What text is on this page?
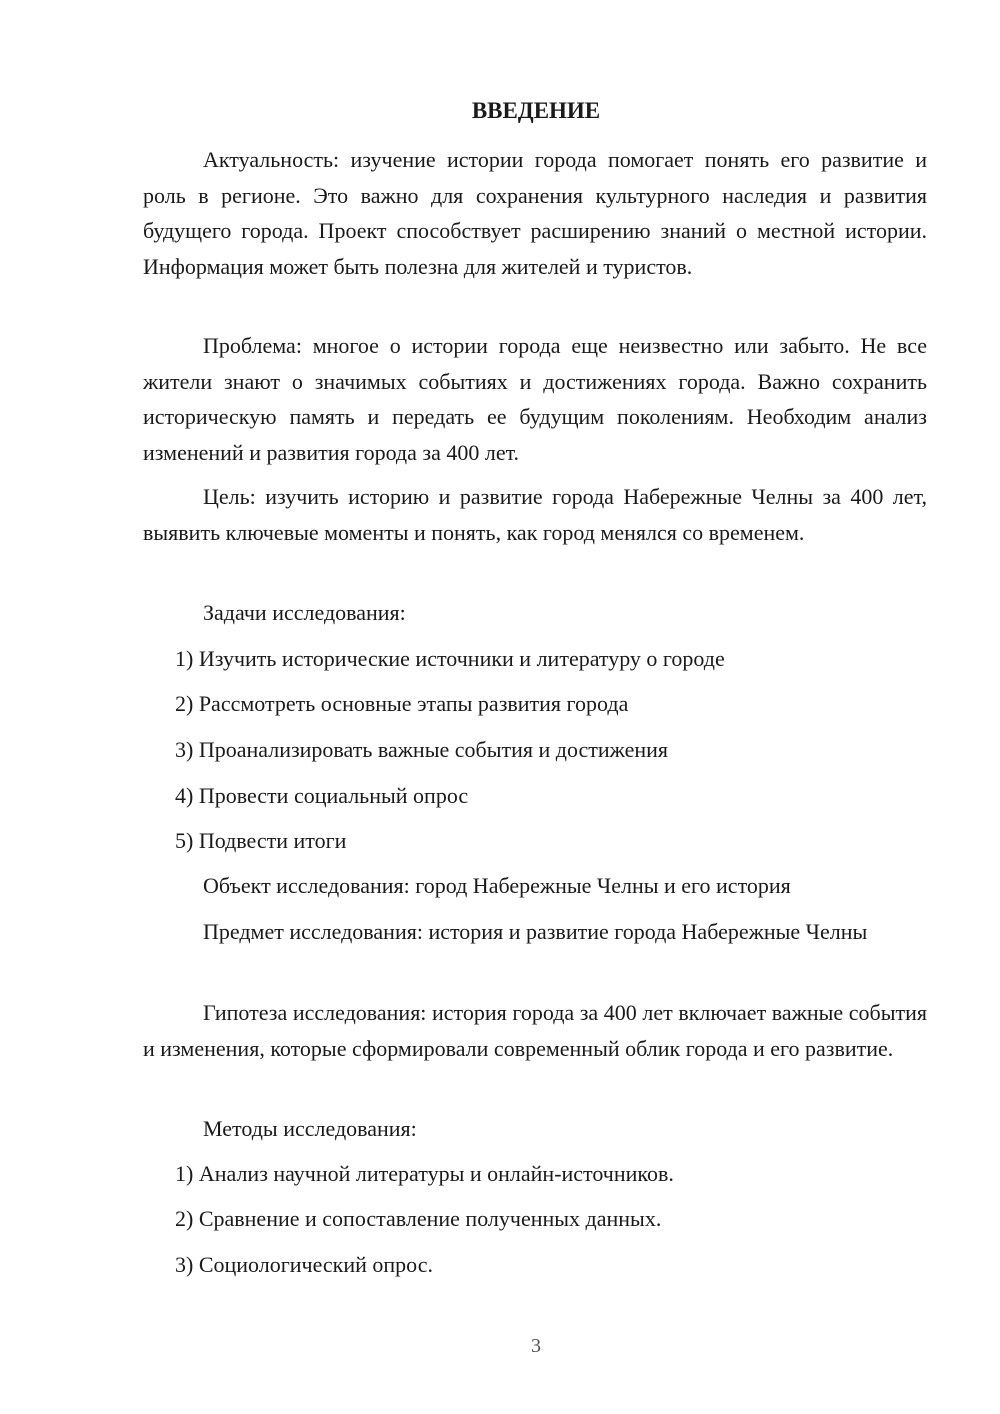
ВВЕДЕНИЕ

Актуальность: изучение истории города помогает понять его развитие и роль в регионе. Это важно для сохранения культурного наследия и развития будущего города. Проект способствует расширению знаний о местной истории. Информация может быть полезна для жителей и туристов.

Проблема: многое о истории города еще неизвестно или забыто. Не все жители знают о значимых событиях и достижениях города. Важно сохранить историческую память и передать ее будущим поколениям. Необходим анализ изменений и развития города за 400 лет.

Цель: изучить историю и развитие города Набережные Челны за 400 лет, выявить ключевые моменты и понять, как город менялся со временем.

Задачи исследования:

1) Изучить исторические источники и литературу о городе

2) Рассмотреть основные этапы развития города

3) Проанализировать важные события и достижения

4) Провести социальный опрос

5) Подвести итоги

Объект исследования: город Набережные Челны и его история

Предмет исследования: история и развитие города Набережные Челны

Гипотеза исследования: история города за 400 лет включает важные события и изменения, которые сформировали современный облик города и его развитие.

Методы исследования:

1) Анализ научной литературы и онлайн-источников.

2) Сравнение и сопоставление полученных данных.

3) Социологический опрос.

3
